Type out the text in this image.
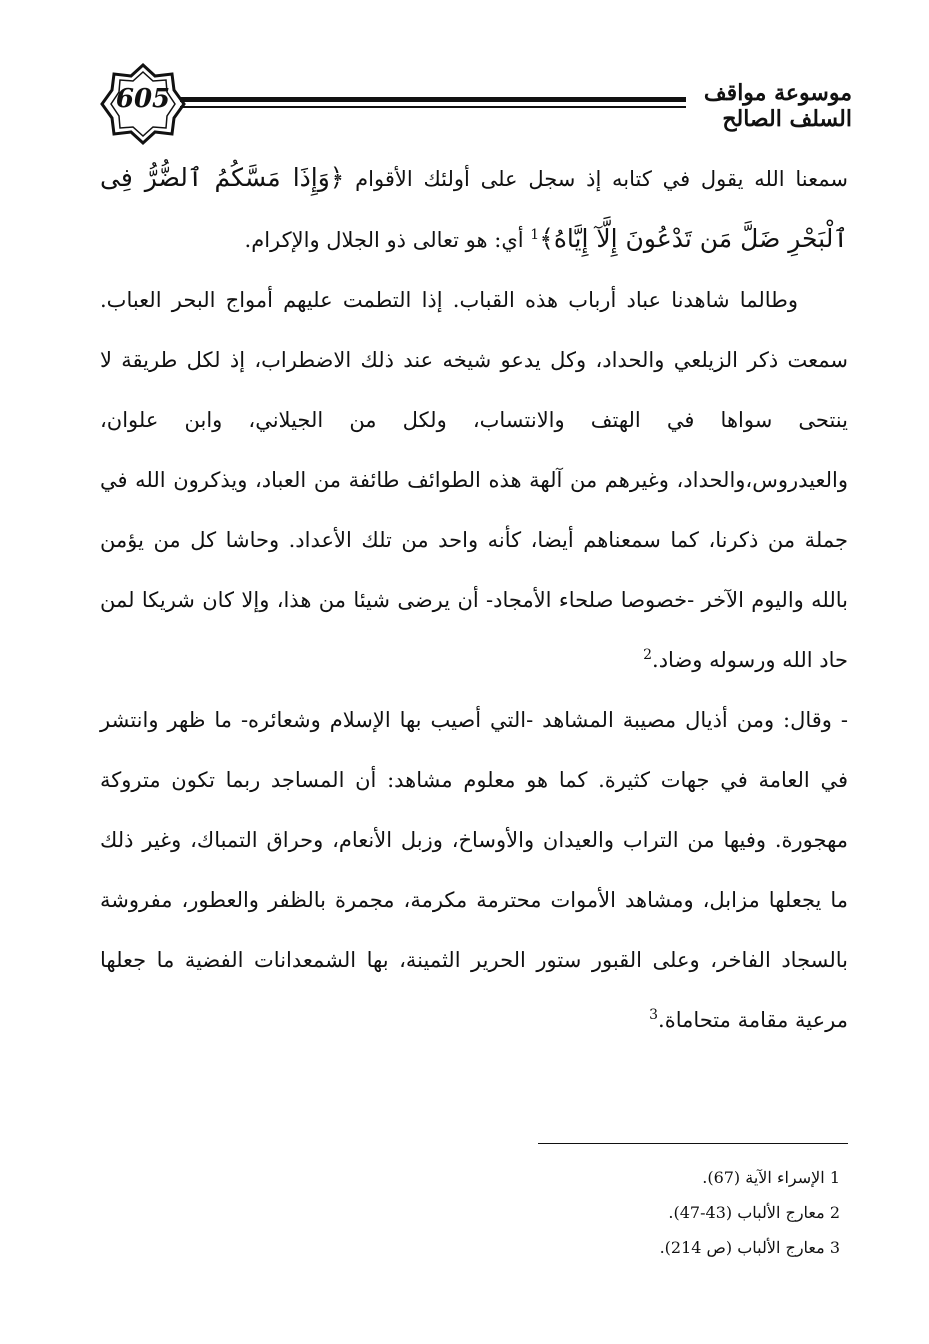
605	موسوعة مواقف السلف الصالح

سمعنا الله يقول في كتابه إذ سجل على أولئك الأقوام ﴿وَإِذَا مَسَّكُمُ ٱلضُّرُّ فِى ٱلْبَحْرِ ضَلَّ مَن تَدْعُونَ إِلَّآ إِيَّاهُ﴾$^1$ أي: هو تعالى ذو الجلال والإكرام.

وطالما شاهدنا عباد أرباب هذه القباب. إذا التطمت عليهم أمواج البحر العباب. سمعت ذكر الزيلعي والحداد، وكل يدعو شيخه عند ذلك الاضطراب، إذ لكل طريقة لا ينتحى سواها في الهتف والانتساب، ولكل من الجيلاني، وابن علوان، والعيدروس،والحداد، وغيرهم من آلهة هذه الطوائف طائفة من العباد، ويذكرون الله في جملة من ذكرنا، كما سمعناهم أيضا، كأنه واحد من تلك الأعداد. وحاشا كل من يؤمن بالله واليوم الآخر -خصوصا صلحاء الأمجاد- أن يرضى شيئا من هذا، وإلا كان شريكا لمن حاد الله ورسوله وضاد.$^2$

- وقال: ومن أذيال مصيبة المشاهد -التي أصيب بها الإسلام وشعائره- ما ظهر وانتشر في العامة في جهات كثيرة. كما هو معلوم مشاهد: أن المساجد ربما تكون متروكة مهجورة. وفيها من التراب والعيدان والأوساخ، وزبل الأنعام، وحراق التمباك، وغير ذلك ما يجعلها مزابل، ومشاهد الأموات محترمة مكرمة، مجمرة بالظفر والعطور، مفروشة بالسجاد الفاخر، وعلى القبور ستور الحرير الثمينة، بها الشمعدانات الفضية ما جعلها مرعية مقامة متحاماة.$^3$

1 الإسراء الآية (67).
2 معارج الألباب (43-47).
3 معارج الألباب (ص 214).
